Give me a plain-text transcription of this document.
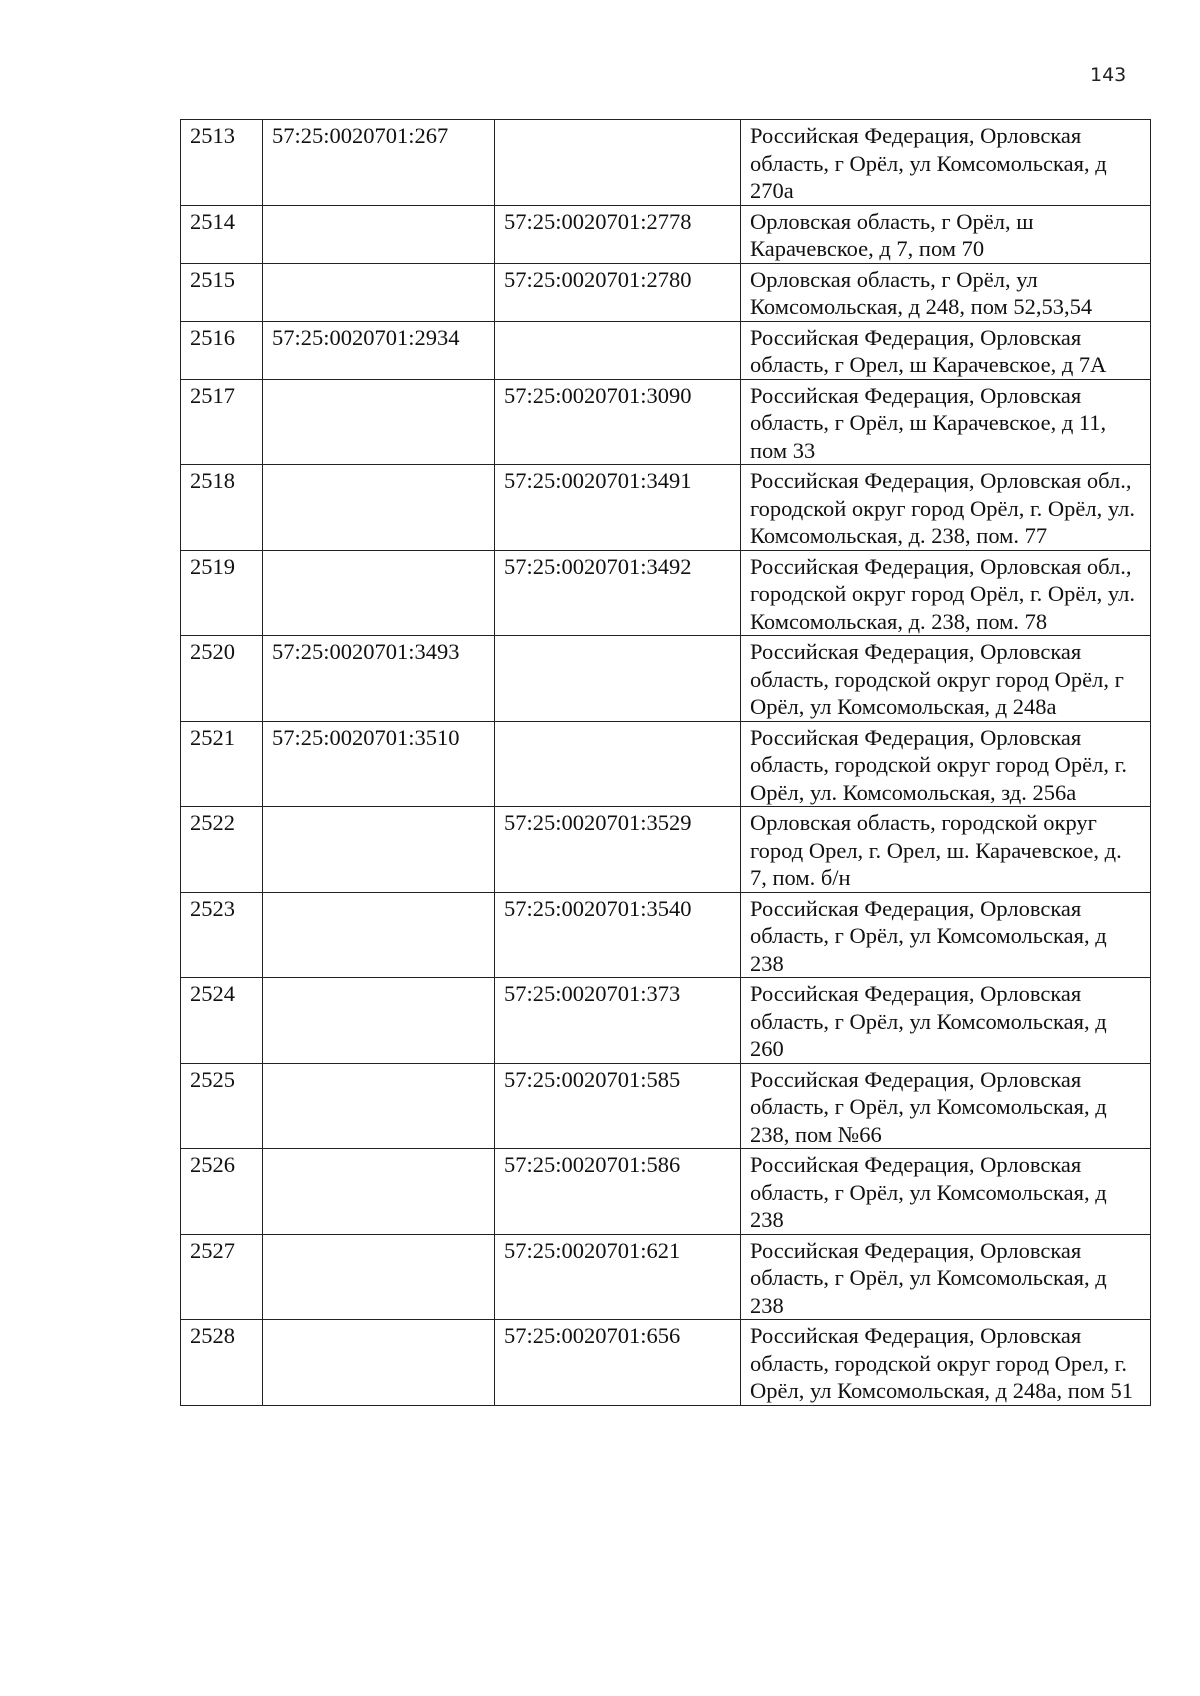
143
2513	57:25:0020701:267		Российская Федерация, Орловская область, г Орёл, ул Комсомольская, д 270а
2514		57:25:0020701:2778	Орловская область, г Орёл, ш Карачевское, д 7, пом 70
2515		57:25:0020701:2780	Орловская область, г Орёл, ул Комсомольская, д 248, пом 52,53,54
2516	57:25:0020701:2934		Российская Федерация, Орловская область, г Орел, ш Карачевское, д 7А
2517		57:25:0020701:3090	Российская Федерация, Орловская область, г Орёл, ш Карачевское, д 11, пом 33
2518		57:25:0020701:3491	Российская Федерация, Орловская обл., городской округ город Орёл, г. Орёл, ул. Комсомольская, д. 238, пом. 77
2519		57:25:0020701:3492	Российская Федерация, Орловская обл., городской округ город Орёл, г. Орёл, ул. Комсомольская, д. 238, пом. 78
2520	57:25:0020701:3493		Российская Федерация, Орловская область, городской округ город Орёл, г Орёл, ул Комсомольская, д 248а
2521	57:25:0020701:3510		Российская Федерация, Орловская область, городской округ город Орёл, г. Орёл, ул. Комсомольская, зд. 256а
2522		57:25:0020701:3529	Орловская область, городской округ город Орел, г. Орел, ш. Карачевское, д. 7, пом. б/н
2523		57:25:0020701:3540	Российская Федерация, Орловская область, г Орёл, ул Комсомольская, д 238
2524		57:25:0020701:373	Российская Федерация, Орловская область, г Орёл, ул Комсомольская, д 260
2525		57:25:0020701:585	Российская Федерация, Орловская область, г Орёл, ул Комсомольская, д 238, пом №66
2526		57:25:0020701:586	Российская Федерация, Орловская область, г Орёл, ул Комсомольская, д 238
2527		57:25:0020701:621	Российская Федерация, Орловская область, г Орёл, ул Комсомольская, д 238
2528		57:25:0020701:656	Российская Федерация, Орловская область, городской округ город Орел, г. Орёл, ул Комсомольская, д 248а, пом 51
